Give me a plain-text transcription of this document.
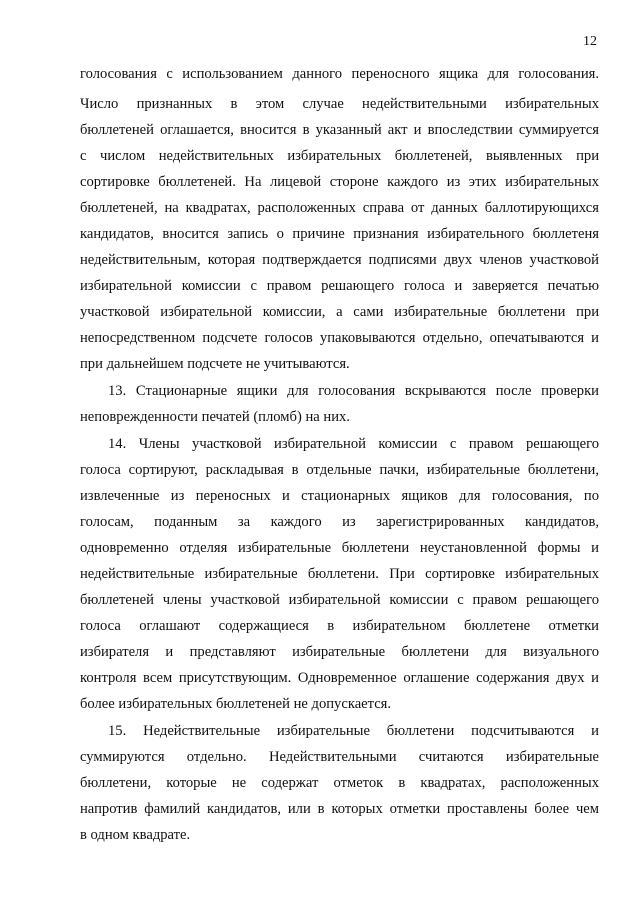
12
голосования с использованием данного переносного ящика для голосования.
Число признанных в этом случае недействительными избирательных
бюллетеней оглашается, вносится в указанный акт и впоследствии суммируется
с числом недействительных избирательных бюллетеней, выявленных при
сортировке бюллетеней. На лицевой стороне каждого из этих избирательных
бюллетеней, на квадратах, расположенных справа от данных баллотирующихся
кандидатов, вносится запись о причине признания избирательного бюллетеня
недействительным, которая подтверждается подписями двух членов участковой
избирательной комиссии с правом решающего голоса и заверяется печатью
участковой избирательной комиссии, а сами избирательные бюллетени при
непосредственном подсчете голосов упаковываются отдельно, опечатываются и
при дальнейшем подсчете не учитываются.
13. Стационарные ящики для голосования вскрываются после проверки
неповрежденности печатей (пломб) на них.
14. Члены участковой избирательной комиссии с правом решающего
голоса сортируют, раскладывая в отдельные пачки, избирательные бюллетени,
извлеченные из переносных и стационарных ящиков для голосования, по
голосам, поданным за каждого из зарегистрированных кандидатов,
одновременно отделяя избирательные бюллетени неустановленной формы и
недействительные избирательные бюллетени. При сортировке избирательных
бюллетеней члены участковой избирательной комиссии с правом решающего
голоса оглашают содержащиеся в избирательном бюллетене отметки
избирателя и представляют избирательные бюллетени для визуального
контроля всем присутствующим. Одновременное оглашение содержания двух и
более избирательных бюллетеней не допускается.
15. Недействительные избирательные бюллетени подсчитываются и
суммируются отдельно. Недействительными считаются избирательные
бюллетени, которые не содержат отметок в квадратах, расположенных
напротив фамилий кандидатов, или в которых отметки проставлены более чем
в одном квадрате.
